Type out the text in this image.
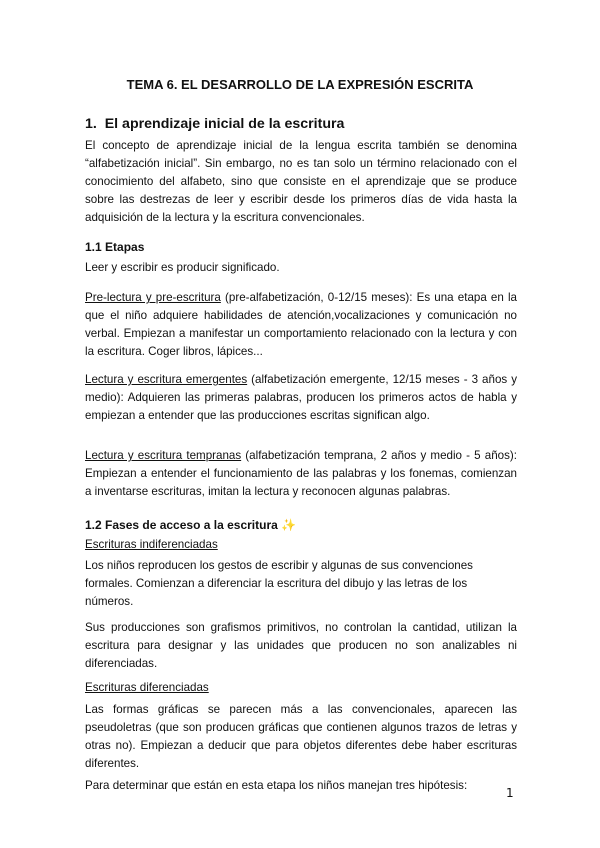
TEMA 6. EL DESARROLLO DE LA EXPRESIÓN ESCRITA
1.  El aprendizaje inicial de la escritura
El concepto de aprendizaje inicial de la lengua escrita también se denomina “alfabetización inicial”. Sin embargo, no es tan solo un término relacionado con el conocimiento del alfabeto, sino que consiste en el aprendizaje que se produce sobre las destrezas de leer y escribir desde los primeros días de vida hasta la adquisición de la lectura y la escritura convencionales.
1.1 Etapas
Leer y escribir es producir significado.
Pre-lectura y pre-escritura (pre-alfabetización, 0-12/15 meses): Es una etapa en la que el niño adquiere habilidades de atención,vocalizaciones y comunicación no verbal. Empiezan a manifestar un comportamiento relacionado con la lectura y con la escritura. Coger libros, lápices...
Lectura y escritura emergentes (alfabetización emergente, 12/15 meses - 3 años y medio): Adquieren las primeras palabras, producen los primeros actos de habla y empiezan a entender que las producciones escritas significan algo.
Lectura y escritura tempranas (alfabetización temprana, 2 años y medio - 5 años): Empiezan a entender el funcionamiento de las palabras y los fonemas, comienzan a inventarse escrituras, imitan la lectura y reconocen algunas palabras.
1.2 Fases de acceso a la escritura ✨
Escrituras indiferenciadas
Los niños reproducen los gestos de escribir y algunas de sus convenciones formales. Comienzan a diferenciar la escritura del dibujo y las letras de los números.
Sus producciones son grafismos primitivos, no controlan la cantidad, utilizan la escritura para designar y las unidades que producen no son analizables ni diferenciadas.
Escrituras diferenciadas
Las formas gráficas se parecen más a las convencionales, aparecen las pseudoletras (que son producen gráficas que contienen algunos trazos de letras y otras no). Empiezan a deducir que para objetos diferentes debe haber escrituras diferentes.
Para determinar que están en esta etapa los niños manejan tres hipótesis:
1
